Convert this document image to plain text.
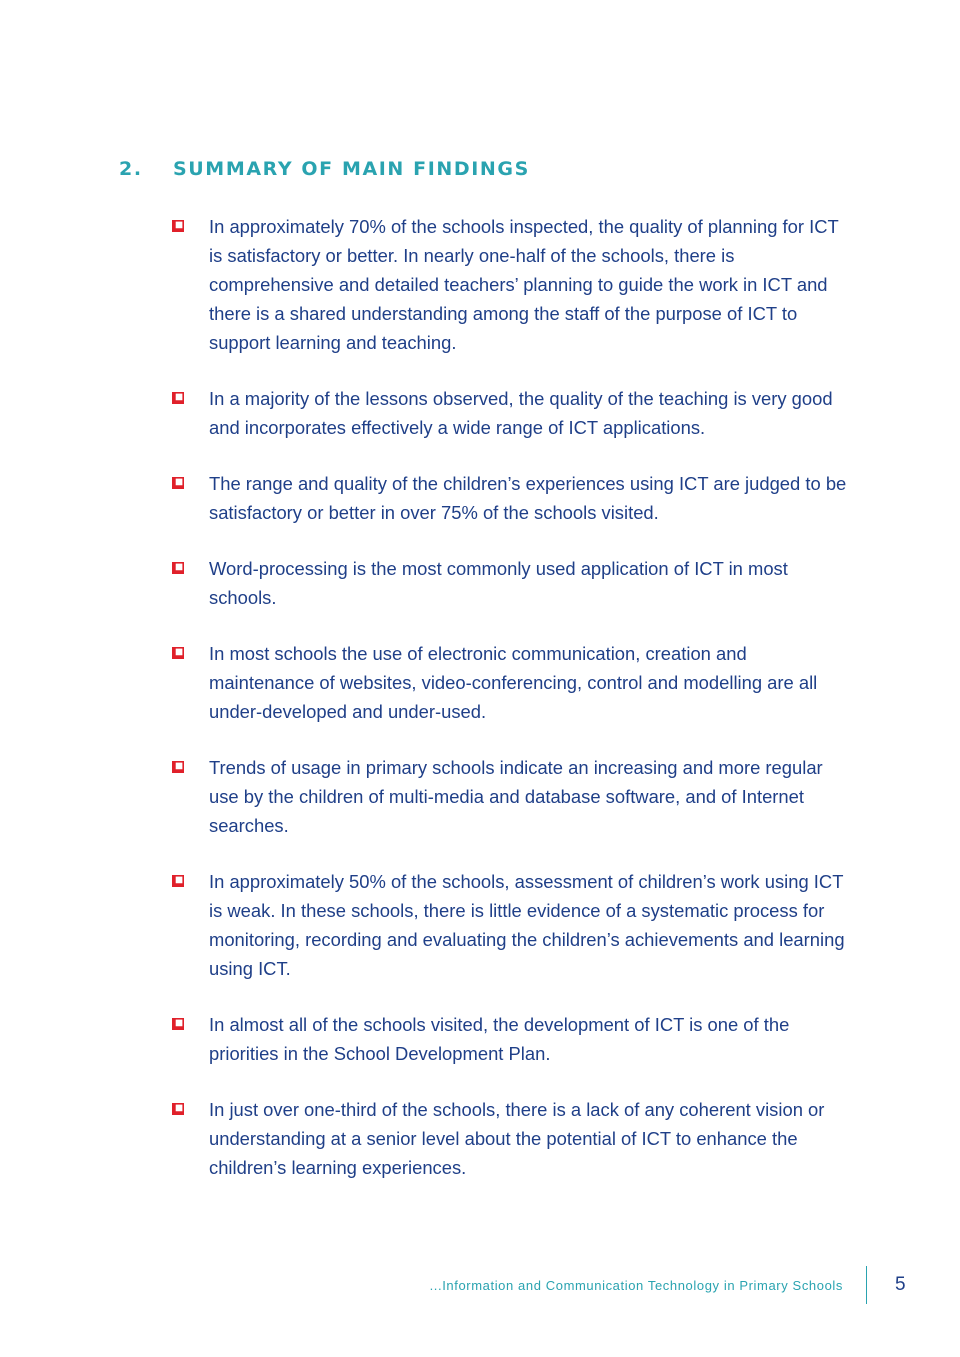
2. SUMMARY OF MAIN FINDINGS
In approximately 70% of the schools inspected, the quality of planning for ICT is satisfactory or better. In nearly one-half of the schools, there is comprehensive and detailed teachers’ planning to guide the work in ICT and there is a shared understanding among the staff of the purpose of ICT to support learning and teaching.
In a majority of the lessons observed, the quality of the teaching is very good and incorporates effectively a wide range of ICT applications.
The range and quality of the children’s experiences using ICT are judged to be satisfactory or better in over 75% of the schools visited.
Word-processing is the most commonly used application of ICT in most schools.
In most schools the use of electronic communication, creation and maintenance of websites, video-conferencing, control and modelling are all under-developed and under-used.
Trends of usage in primary schools indicate an increasing and more regular use by the children of multi-media and database software, and of Internet searches.
In approximately 50% of the schools, assessment of children’s work using ICT is weak. In these schools, there is little evidence of a systematic process for monitoring, recording and evaluating the children’s achievements and learning using ICT.
In almost all of the schools visited, the development of ICT is one of the priorities in the School Development Plan.
In just over one-third of the schools, there is a lack of any coherent vision or understanding at a senior level about the potential of ICT to enhance the children’s learning experiences.
...Information and Communication Technology in Primary Schools	5
